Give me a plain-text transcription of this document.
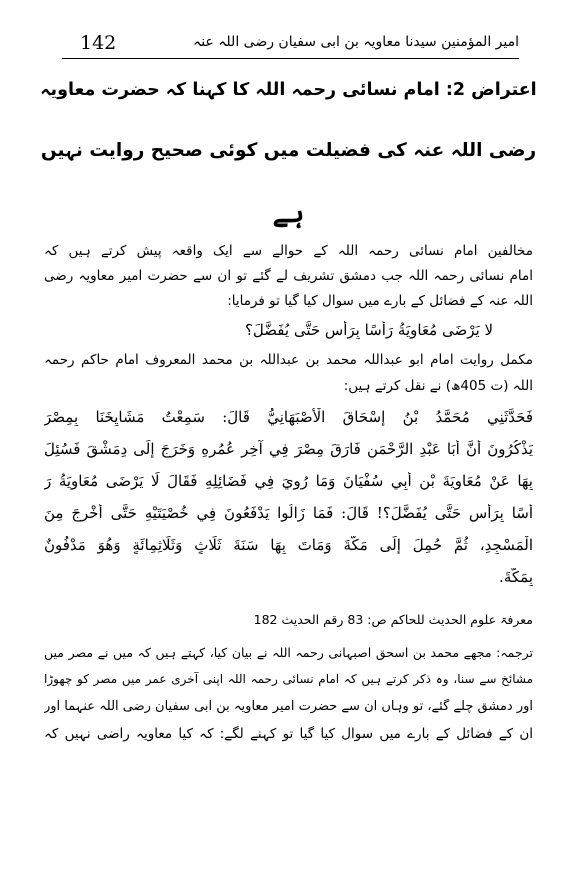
142	امیر المؤمنین سیدنا معاویہ بن ابی سفیان رضی اللہ عنہ
اعتراض 2: امام نسائی رحمہ اللہ کا کہنا کہ حضرت معاویہ
رضی اللہ عنہ کی فضیلت میں کوئی صحیح روایت نہیں
ہے
مخالفین امام نسائی رحمہ اللہ کے حوالے سے ایک واقعہ پیش کرتے ہیں کہ
امام نسائی رحمہ اللہ جب دمشق تشریف لے گئے تو ان سے حضرت امیر معاویہ رضی
اللہ عنہ کے فضائل کے بارے میں سوال کیا گیا تو فرمایا:
لا يَرْضَى مُعَاوِيَةُ رَأْسًا بِرَأْسٍ حَتَّى يُفَضَّلَ؟
مکمل روایت امام ابو عبداللہ محمد بن عبداللہ بن محمد المعروف امام حاکم رحمہ
اللہ (ت 405ھ) نے نقل کرتے ہیں:
فَحَدَّثَنِي مُحَمَّدُ بْنُ إِسْحَاقَ الْأَصْبَهَانِيُّ قَالَ: سَمِعْتُ مَشَايِخَنَا بِمِصْرَ
يَذْكُرُونَ أَنَّ أَبَا عَبْدِ الرَّحْمَنِ فَارَقَ مِصْرَ فِي آخِرِ عُمُرِهِ وَخَرَجَ إِلَى دِمَشْقَ فَسُئِلَ
بِهَا عَنْ مُعَاوِيَةَ بْنِ أَبِي سُفْيَانَ وَمَا رُوِيَ فِي فَضَائِلِهِ فَقَالَ لَا يَرْضَى مُعَاوِيَةُ رَ
أْسًا بِرَأْسٍ حَتَّى يُفَضَّلَ؟! قَالَ: فَمَا زَالُوا يَدْفَعُونَ فِي خُصْيَتَيْهِ حَتَّى أُخْرِجَ مِنَ
الْمَسْجِدِ، ثُمَّ حُمِلَ إِلَى مَكَّةَ وَمَاتَ بِهَا سَنَةَ ثَلَاثٍ وَثَلَاثِمِائَةٍ وَهُوَ مَدْفُونٌ
بِمَكَّةَ.
معرفۃ علوم الحدیث للحاکم ص: 83 رقم الحدیث 182
ترجمہ: مجھے محمد بن اسحق اصبہانی رحمہ اللہ نے بیان کیا، کہتے ہیں کہ میں نے مصر میں
مشائخ سے سنا، وہ ذکر کرتے ہیں کہ امام نسائی رحمہ اللہ اپنی آخری عمر میں مصر کو چھوڑا
اور دمشق چلے گئے، تو وہاں ان سے حضرت امیر معاویہ بن ابی سفیان رضی اللہ عنہما اور
ان کے فضائل کے بارے میں سوال کیا گیا تو کہنے لگے: کہ کیا معاویہ راضی نہیں کہ
